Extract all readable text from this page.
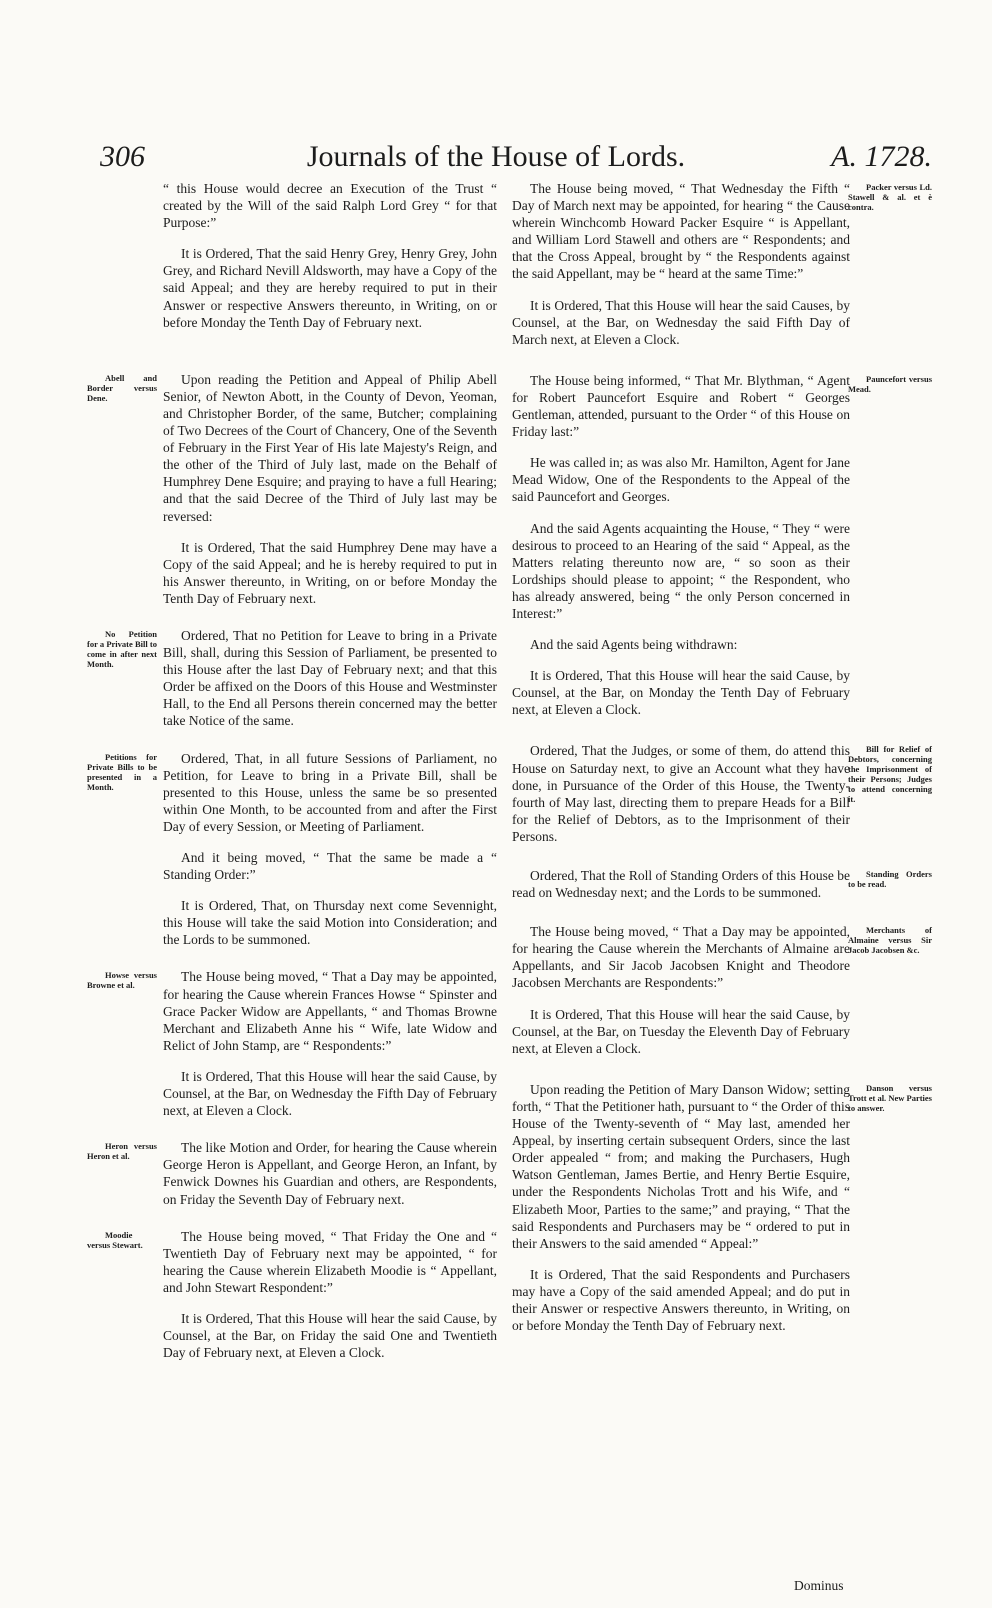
306	Journals of the House of Lords.	A. 1728.

“ this House would decree an Execution of the Trust “ created by the Will of the said Ralph Lord Grey “ for that Purpose:”

It is Ordered, That the said Henry Grey, Henry Grey, John Grey, and Richard Nevill Aldsworth, may have a Copy of the said Appeal; and they are hereby required to put in their Answer or respective Answers thereunto, in Writing, on or before Monday the Tenth Day of February next.

Abell and Border versus Dene.
Upon reading the Petition and Appeal of Philip Abell Senior, of Newton Abott, in the County of Devon, Yeoman, and Christopher Border, of the same, Butcher; complaining of Two Decrees of the Court of Chancery, One of the Seventh of February in the First Year of His late Majesty's Reign, and the other of the Third of July last, made on the Behalf of Humphrey Dene Esquire; and praying to have a full Hearing; and that the said Decree of the Third of July last may be reversed:

It is Ordered, That the said Humphrey Dene may have a Copy of the said Appeal; and he is hereby required to put in his Answer thereunto, in Writing, on or before Monday the Tenth Day of February next.

No Petition for a Private Bill to come in after next Month.
Ordered, That no Petition for Leave to bring in a Private Bill, shall, during this Session of Parliament, be presented to this House after the last Day of February next; and that this Order be affixed on the Doors of this House and Westminster Hall, to the End all Persons therein concerned may the better take Notice of the same.

Petitions for Private Bills to be presented in a Month.
Ordered, That, in all future Sessions of Parliament, no Petition, for Leave to bring in a Private Bill, shall be presented to this House, unless the same be so presented within One Month, to be accounted from and after the First Day of every Session, or Meeting of Parliament.

And it being moved, “ That the same be made a “ Standing Order:”

It is Ordered, That, on Thursday next come Sevennight, this House will take the said Motion into Consideration; and the Lords to be summoned.

Howse versus Browne et al.
The House being moved, “ That a Day may be appointed, for hearing the Cause wherein Frances Howse “ Spinster and Grace Packer Widow are Appellants, “ and Thomas Browne Merchant and Elizabeth Anne his “ Wife, late Widow and Relict of John Stamp, are “ Respondents:”

It is Ordered, That this House will hear the said Cause, by Counsel, at the Bar, on Wednesday the Fifth Day of February next, at Eleven a Clock.

Heron versus Heron et al.
The like Motion and Order, for hearing the Cause wherein George Heron is Appellant, and George Heron, an Infant, by Fenwick Downes his Guardian and others, are Respondents, on Friday the Seventh Day of February next.

Moodie versus Stewart.
The House being moved, “ That Friday the One and “ Twentieth Day of February next may be appointed, “ for hearing the Cause wherein Elizabeth Moodie is “ Appellant, and John Stewart Respondent:”

It is Ordered, That this House will hear the said Cause, by Counsel, at the Bar, on Friday the said One and Twentieth Day of February next, at Eleven a Clock.

Packer versus Ld. Stawell & al. et è contra.
The House being moved, “ That Wednesday the Fifth “ Day of March next may be appointed, for hearing “ the Cause wherein Winchcomb Howard Packer Esquire “ is Appellant, and William Lord Stawell and others are “ Respondents; and that the Cross Appeal, brought by “ the Respondents against the said Appellant, may be “ heard at the same Time:”

It is Ordered, That this House will hear the said Causes, by Counsel, at the Bar, on Wednesday the said Fifth Day of March next, at Eleven a Clock.

Pauncefort versus Mead.
The House being informed, “ That Mr. Blythman, “ Agent for Robert Pauncefort Esquire and Robert “ Georges Gentleman, attended, pursuant to the Order “ of this House on Friday last:”

He was called in; as was also Mr. Hamilton, Agent for Jane Mead Widow, One of the Respondents to the Appeal of the said Pauncefort and Georges.

And the said Agents acquainting the House, “ They “ were desirous to proceed to an Hearing of the said “ Appeal, as the Matters relating thereunto now are, “ so soon as their Lordships should please to appoint; “ the Respondent, who has already answered, being “ the only Person concerned in Interest:”

And the said Agents being withdrawn:

It is Ordered, That this House will hear the said Cause, by Counsel, at the Bar, on Monday the Tenth Day of February next, at Eleven a Clock.

Bill for Relief of Debtors, concerning the Imprisonment of their Persons; Judges to attend concerning it.
Ordered, That the Judges, or some of them, do attend this House on Saturday next, to give an Account what they have done, in Pursuance of the Order of this House, the Twenty-fourth of May last, directing them to prepare Heads for a Bill for the Relief of Debtors, as to the Imprisonment of their Persons.

Standing Orders to be read.
Ordered, That the Roll of Standing Orders of this House be read on Wednesday next; and the Lords to be summoned.

Merchants of Almaine versus Sir Jacob Jacobsen &c.
The House being moved, “ That a Day may be appointed, for hearing the Cause wherein the Merchants of Almaine are Appellants, and Sir Jacob Jacobsen Knight and Theodore Jacobsen Merchants are Respondents:”

It is Ordered, That this House will hear the said Cause, by Counsel, at the Bar, on Tuesday the Eleventh Day of February next, at Eleven a Clock.

Danson versus Trott et al. New Parties to answer.
Upon reading the Petition of Mary Danson Widow; setting forth, “ That the Petitioner hath, pursuant to “ the Order of this House of the Twenty-seventh of “ May last, amended her Appeal, by inserting certain subsequent Orders, since the last Order appealed “ from; and making the Purchasers, Hugh Watson Gentleman, James Bertie, and Henry Bertie Esquire, under the Respondents Nicholas Trott and his Wife, and “ Elizabeth Moor, Parties to the same;” and praying, “ That the said Respondents and Purchasers may be “ ordered to put in their Answers to the said amended “ Appeal:”

It is Ordered, That the said Respondents and Purchasers may have a Copy of the said amended Appeal; and do put in their Answer or respective Answers thereunto, in Writing, on or before Monday the Tenth Day of February next.

Dominus
